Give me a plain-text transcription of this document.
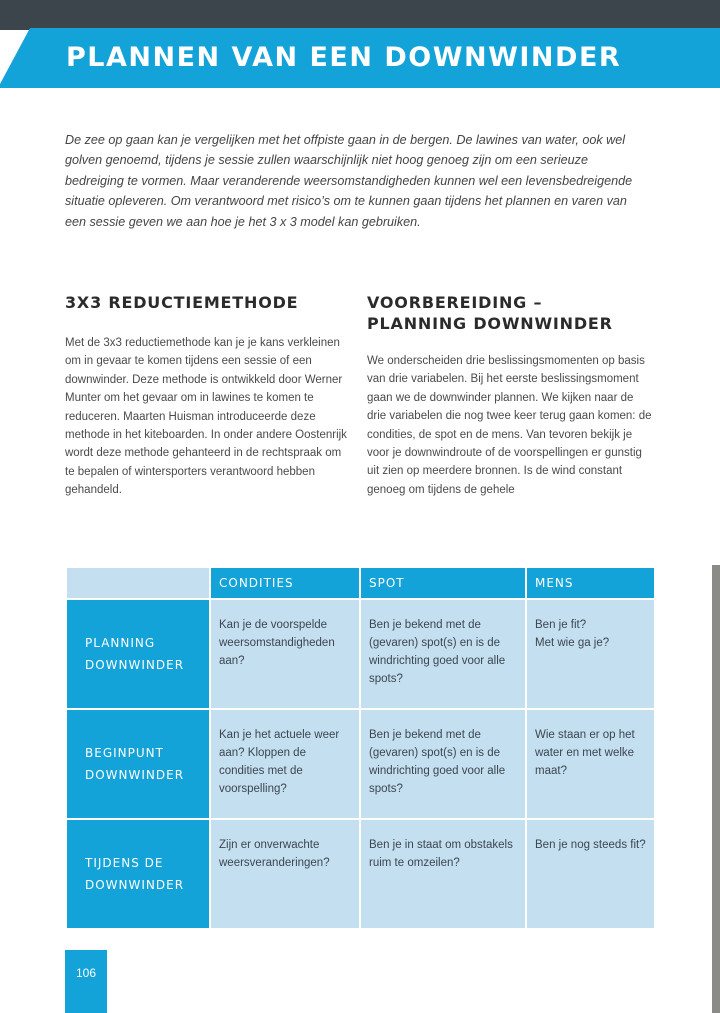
PLANNEN VAN EEN DOWNWINDER

De zee op gaan kan je vergelijken met het offpiste gaan in de bergen. De lawines van water, ook wel golven genoemd, tijdens je sessie zullen waarschijnlijk niet hoog genoeg zijn om een serieuze bedreiging te vormen. Maar veranderende weersomstandigheden kunnen wel een levensbedreigende situatie opleveren. Om verantwoord met risico’s om te kunnen gaan tijdens het plannen en varen van een sessie geven we aan hoe je het 3 x 3 model kan gebruiken.

3X3 REDUCTIEMETHODE

Met de 3x3 reductiemethode kan je je kans verkleinen om in gevaar te komen tijdens een sessie of een downwinder. Deze methode is ontwikkeld door Werner Munter om het gevaar om in lawines te komen te reduceren. Maarten Huisman introduceerde deze methode in het kiteboarden. In onder andere Oostenrijk wordt deze methode gehanteerd in de rechtspraak om te bepalen of wintersporters verantwoord hebben gehandeld.

VOORBEREIDING –
PLANNING DOWNWINDER

We onderscheiden drie beslissingsmomenten op basis van drie variabelen. Bij het eerste beslissingsmoment gaan we de downwinder plannen. We kijken naar de drie variabelen die nog twee keer terug gaan komen: de condities, de spot en de mens. Van tevoren bekijk je voor je downwindroute of de voorspellingen er gunstig uit zien op meerdere bronnen. Is de wind constant genoeg om tijdens de gehele

	CONDITIES	SPOT	MENS
PLANNING
DOWNWINDER	Kan je de voorspelde weersomstandigheden aan?	Ben je bekend met de (gevaren) spot(s) en is de windrichting goed voor alle spots?	Ben je fit?
Met wie ga je?
BEGINPUNT
DOWNWINDER	Kan je het actuele weer aan? Kloppen de condities met de voorspelling?	Ben je bekend met de (gevaren) spot(s) en is de windrichting goed voor alle spots?	Wie staan er op het water en met welke maat?
TIJDENS DE
DOWNWINDER	Zijn er onverwachte weersveranderingen?	Ben je in staat om obstakels ruim te omzeilen?	Ben je nog steeds fit?
106
